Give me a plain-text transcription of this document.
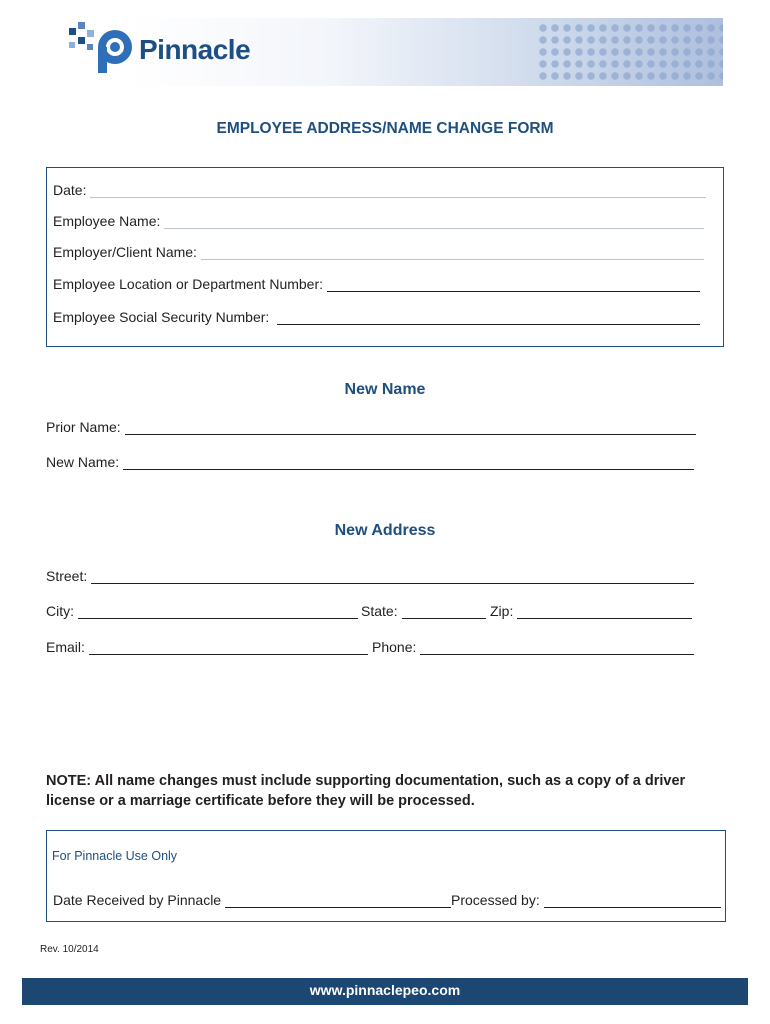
Pinnacle
EMPLOYEE ADDRESS/NAME CHANGE FORM
Date:
Employee Name:
Employer/Client Name:
Employee Location or Department Number:
Employee Social Security Number:
New Name
Prior Name:
New Name:
New Address
Street:
City:	State:	Zip:
Email:	Phone:
NOTE: All name changes must include supporting documentation, such as a copy of a driver license or a marriage certificate before they will be processed.
For Pinnacle Use Only
Date Received by Pinnacle	Processed by:
Rev. 10/2014
www.pinnaclepeo.com
